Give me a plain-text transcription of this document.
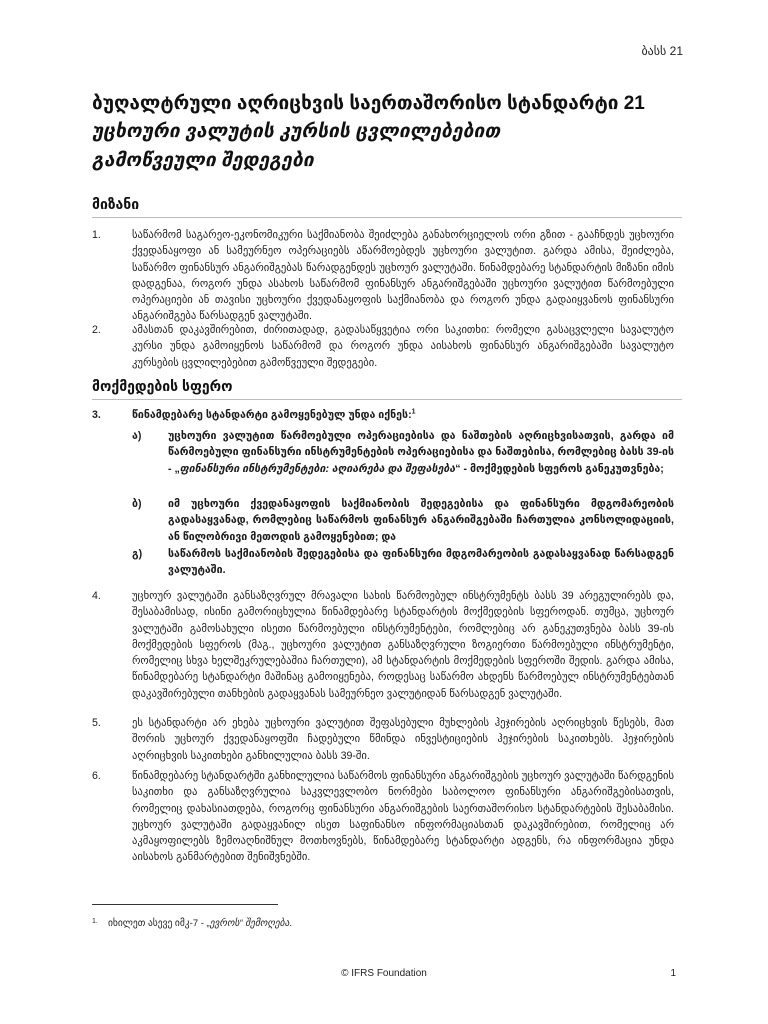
ბასს 21
ბუღალტრული აღრიცხვის საერთაშორისო სტანდარტი 21
უცხოური ვალუტის კურსის ცვლილებებით
გამოწვეული შედეგები
მიზანი
1.	საწარმომ საგარეო-ეკონომიკური საქმიანობა შეიძლება განახორციელოს ორი გზით - გააჩნდეს უცხოური ქვედანაყოფი ან სამეურნეო ოპერაციებს აწარმოებდეს უცხოური ვალუტით. გარდა ამისა, შეიძლება, საწარმო ფინანსურ ანგარიშგებას წარადგენდეს უცხოურ ვალუტაში. წინამდებარე სტანდარტის მიზანი იმის დადგენაა, როგორ უნდა ასახოს საწარმომ ფინანსურ ანგარიშგებაში უცხოური ვალუტით წარმოებული ოპერაციები ან თავისი უცხოური ქვედანაყოფის საქმიანობა და როგორ უნდა გადაიყვანოს ფინანსური ანგარიშგება წარსადგენ ვალუტაში.
2.	ამასთან დაკავშირებით, ძირითადად, გადასაწყვეტია ორი საკითხი: რომელი გასაცვლელი სავალუტო კურსი უნდა გამოიყენოს საწარმომ და როგორ უნდა აისახოს ფინანსურ ანგარიშგებაში სავალუტო კურსების ცვლილებებით გამოწვეული შედეგები.
მოქმედების სფერო
3.	წინამდებარე სტანდარტი გამოყენებულ უნდა იქნეს:$^1$
ა)	უცხოური ვალუტით წარმოებული ოპერაციებისა და ნაშთების აღრიცხვისათვის, გარდა იმ წარმოებული ფინანსური ინსტრუმენტების ოპერაციებისა და ნაშთებისა, რომლებიც ბასს 39-ის - „ფინანსური ინსტრუმენტები: აღიარება და შეფასება“ - მოქმედების სფეროს განეკუთვნება;
ბ)	იმ უცხოური ქვედანაყოფის საქმიანობის შედეგებისა და ფინანსური მდგომარეობის გადასაყვანად, რომლებიც საწარმოს ფინანსურ ანგარიშგებაში ჩართულია კონსოლიდაციის, ან წილობრივი მეთოდის გამოყენებით; და
გ)	საწარმოს საქმიანობის შედეგებისა და ფინანსური მდგომარეობის გადასაყვანად წარსადგენ ვალუტაში.
4.	უცხოურ ვალუტაში განსაზღვრულ მრავალი სახის წარმოებულ ინსტრუმენტს ბასს 39 არეგულირებს და, შესაბამისად, ისინი გამორიცხულია წინამდებარე სტანდარტის მოქმედების სფეროდან. თუმცა, უცხოურ ვალუტაში გამოსახული ისეთი წარმოებული ინსტრუმენტები, რომლებიც არ განეკუთვნება ბასს 39-ის მოქმედების სფეროს (მაგ., უცხოური ვალუტით განსაზღვრული ზოგიერთი წარმოებული ინსტრუმენტი, რომელიც სხვა ხელშეკრულებაშია ჩართული), ამ სტანდარტის მოქმედების სფეროში შედის. გარდა ამისა, წინამდებარე სტანდარტი მაშინაც გამოიყენება, როდესაც საწარმო ახდენს წარმოებულ ინსტრუმენტებთან დაკავშირებული თანხების გადაყვანას სამეურნეო ვალუტიდან წარსადგენ ვალუტაში.
5.	ეს სტანდარტი არ ეხება უცხოური ვალუტით შეფასებული მუხლების ჰეჯირების აღრიცხვის წესებს, მათ შორის უცხოურ ქვედანაყოფში ჩადებული წმინდა ინვესტიციების ჰეჯირების საკითხებს. ჰეჯირების აღრიცხვის საკითხები განხილულია ბასს 39-ში.
6.	წინამდებარე სტანდარტში განხილულია საწარმოს ფინანსური ანგარიშგების უცხოურ ვალუტაში წარდგენის საკითხი და განსაზღვრულია საკვლევლობო ნორმები საბოლოო ფინანსური ანგარიშგებისათვის, რომელიც დახასიათდება, როგორც ფინანსური ანგარიშგების საერთაშორისო სტანდარტების შესაბამისი. უცხოურ ვალუტაში გადაყვანილ ისეთ საფინანსო ინფორმაციასთან დაკავშირებით, რომელიც არ აკმაყოფილებს ზემოაღნიშნულ მოთხოვნებს, წინამდებარე სტანდარტი ადგენს, რა ინფორმაცია უნდა აისახოს განმარტებით შენიშვნებში.
1.	იხილეთ ასევე იმკ-7 - „ევროს“ შემოღება.
© IFRS Foundation	1
